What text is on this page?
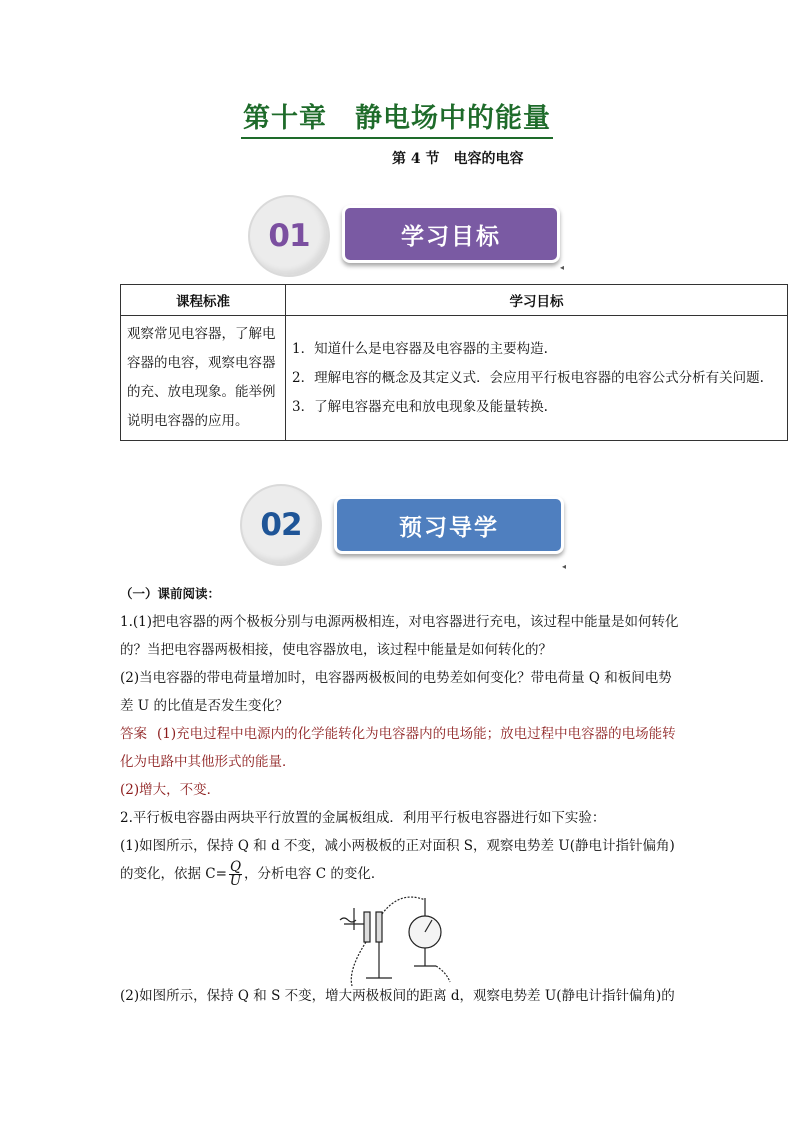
第十章　静电场中的能量
第 4 节　电容的电容
01	学习目标
◂
课程标准	学习目标
观察常见电容器，了解电容器的电容，观察电容器的充、放电现象。能举例说明电容器的应用。	1．知道什么是电容器及电容器的主要构造.
2．理解电容的概念及其定义式．会应用平行板电容器的电容公式分析有关问题.
3．了解电容器充电和放电现象及能量转换.
02	预习导学
◂

（一）课前阅读：

1.(1)把电容器的两个极板分别与电源两极相连，对电容器进行充电，该过程中能量是如何转化的？当把电容器两极相接，使电容器放电，该过程中能量是如何转化的？

(2)当电容器的带电荷量增加时，电容器两极板间的电势差如何变化？带电荷量 Q 和板间电势差 U 的比值是否发生变化？

答案 (1)充电过程中电源内的化学能转化为电容器内的电场能；放电过程中电容器的电场能转化为电路中其他形式的能量．

(2)增大，不变．

2.平行板电容器由两块平行放置的金属板组成．利用平行板电容器进行如下实验：

(1)如图所示，保持 Q 和 d 不变，减小两极板的正对面积 S，观察电势差 U(静电计指针偏角)的变化，依据 $C= \frac{Q}{U}$ ，分析电容 C 的变化．

(2)如图所示，保持 Q 和 S 不变，增大两极板间的距离 d，观察电势差 U(静电计指针偏角)的
